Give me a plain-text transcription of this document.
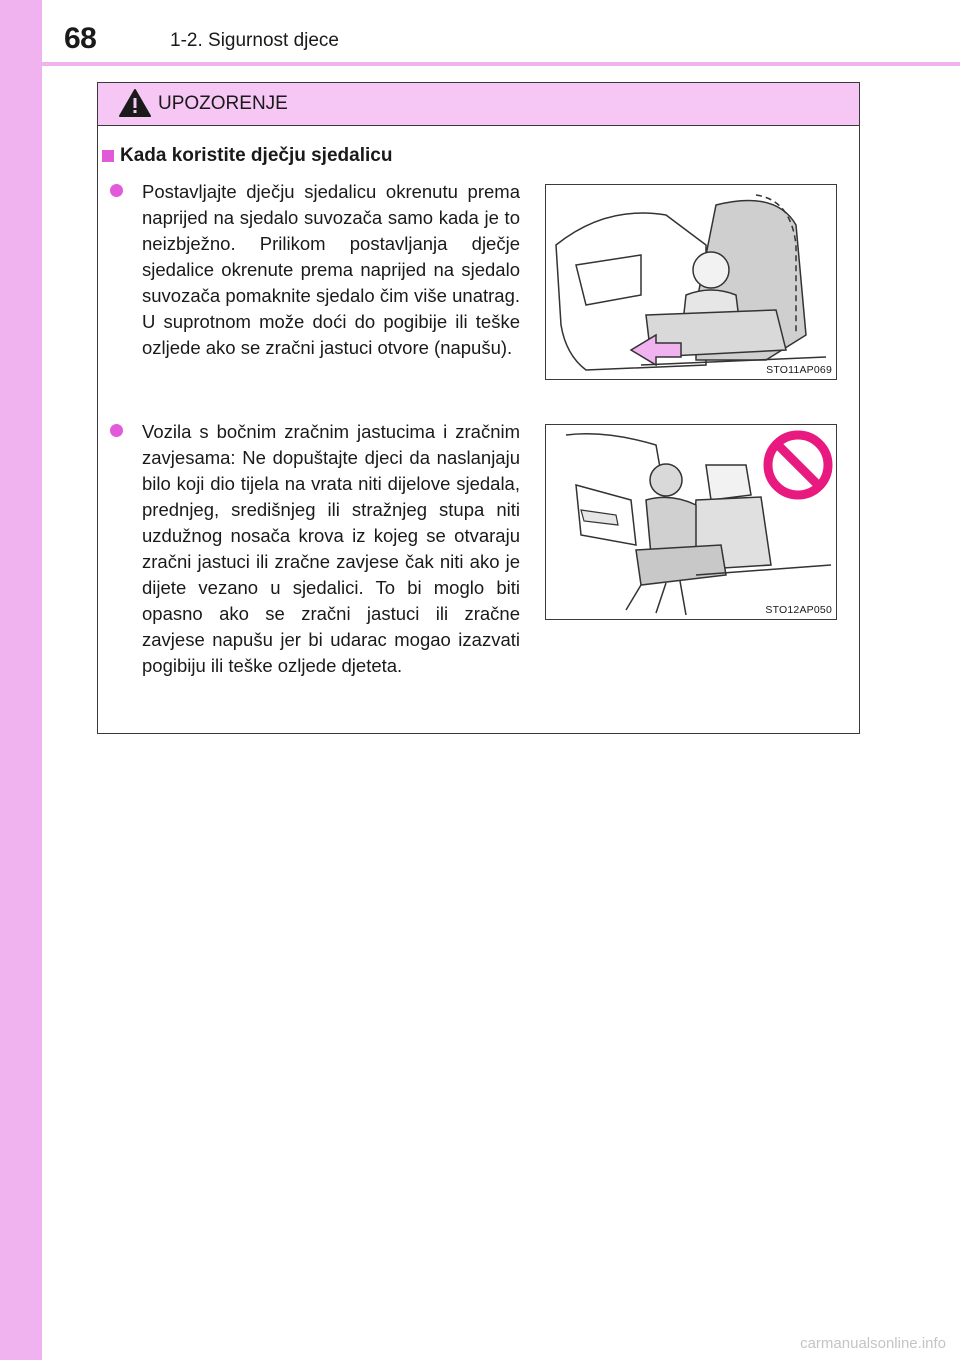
68	1-2. Sigurnost djece
UPOZORENJE
Kada koristite dječju sjedalicu
Postavljajte dječju sjedalicu okrenutu prema naprijed na sjedalo suvozača samo kada je to neizbježno. Prilikom postavljanja dječje sjedalice okrenute prema naprijed na sjedalo suvozača pomaknite sjedalo čim više unatrag. U suprotnom može doći do pogibije ili teške ozljede ako se zračni jastuci otvore (napušu).
Vozila s bočnim zračnim jastucima i zračnim zavjesama: Ne dopuštajte djeci da naslanjaju bilo koji dio tijela na vrata niti dijelove sjedala, prednjeg, središnjeg ili stražnjeg stupa niti uzdužnog nosača krova iz kojeg se otvaraju zračni jastuci ili zračne zavjese čak niti ako je dijete vezano u sjedalici. To bi moglo biti opasno ako se zračni jastuci ili zračne zavjese napušu jer bi udarac mogao izazvati pogibiju ili teške ozljede djeteta.
STO11AP069
STO12AP050
carmanualsonline.info
